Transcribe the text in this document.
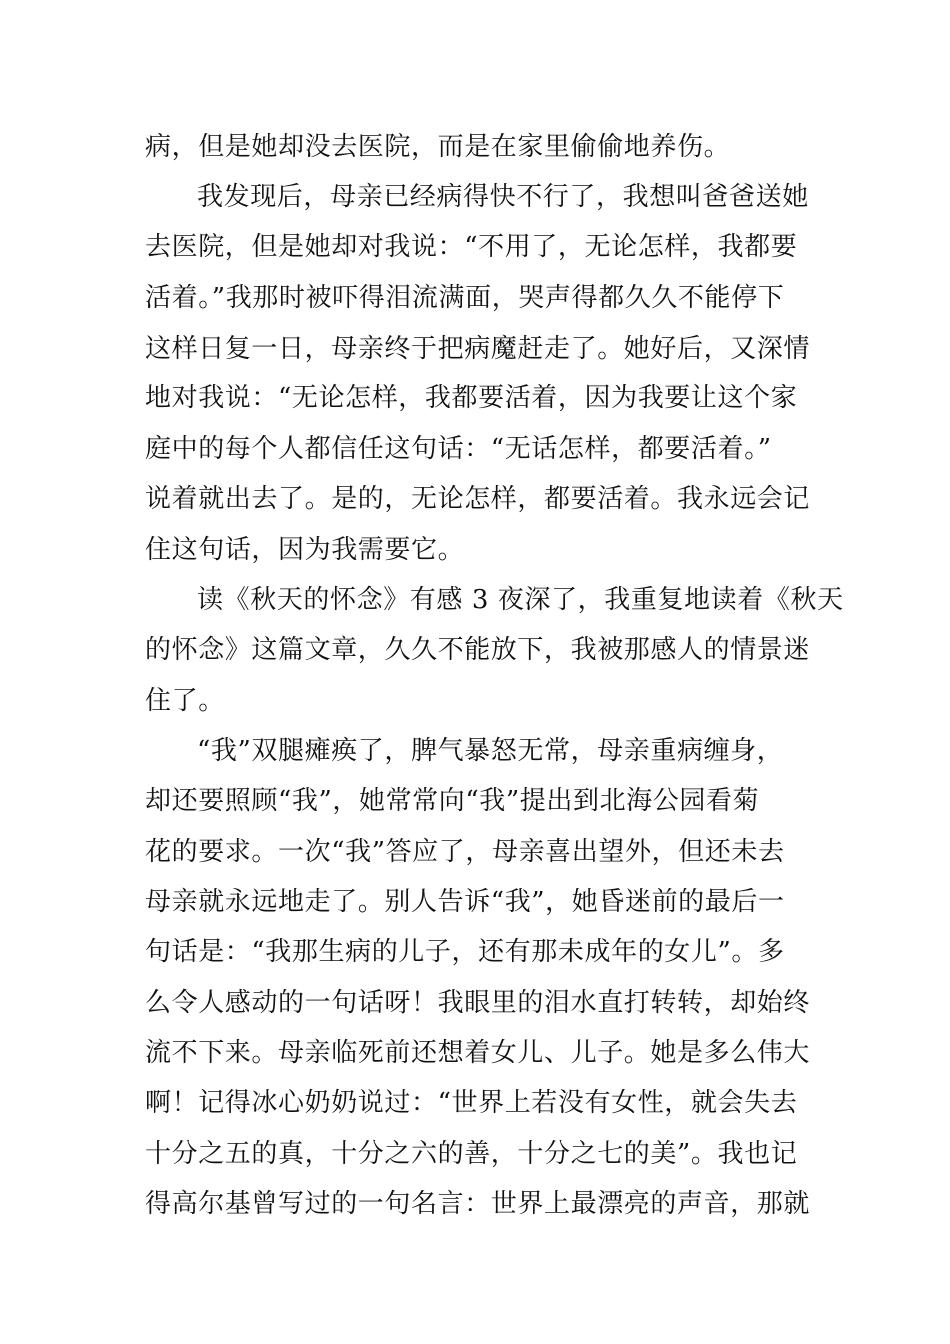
病，但是她却没去医院，而是在家里偷偷地养伤。
我发现后，母亲已经病得快不行了，我想叫爸爸送她
去医院，但是她却对我说：“不用了，无论怎样，我都要
活着。”我那时被吓得泪流满面，哭声得都久久不能停下
这样日复一日，母亲终于把病魔赶走了。她好后，又深情
地对我说：“无论怎样，我都要活着，因为我要让这个家
庭中的每个人都信任这句话：“无话怎样，都要活着。”
说着就出去了。是的，无论怎样，都要活着。我永远会记
住这句话，因为我需要它。
读《秋天的怀念》有感 3 夜深了，我重复地读着《秋天
的怀念》这篇文章，久久不能放下，我被那感人的情景迷
住了。
“我”双腿瘫痪了，脾气暴怒无常，母亲重病缠身，
却还要照顾“我”，她常常向“我”提出到北海公园看菊
花的要求。一次“我”答应了，母亲喜出望外，但还未去
母亲就永远地走了。别人告诉“我”，她昏迷前的最后一
句话是：“我那生病的儿子，还有那未成年的女儿”。多
么令人感动的一句话呀！我眼里的泪水直打转转，却始终
流不下来。母亲临死前还想着女儿、儿子。她是多么伟大
啊！记得冰心奶奶说过：“世界上若没有女性，就会失去
十分之五的真，十分之六的善，十分之七的美”。我也记
得高尔基曾写过的一句名言：世界上最漂亮的声音，那就
